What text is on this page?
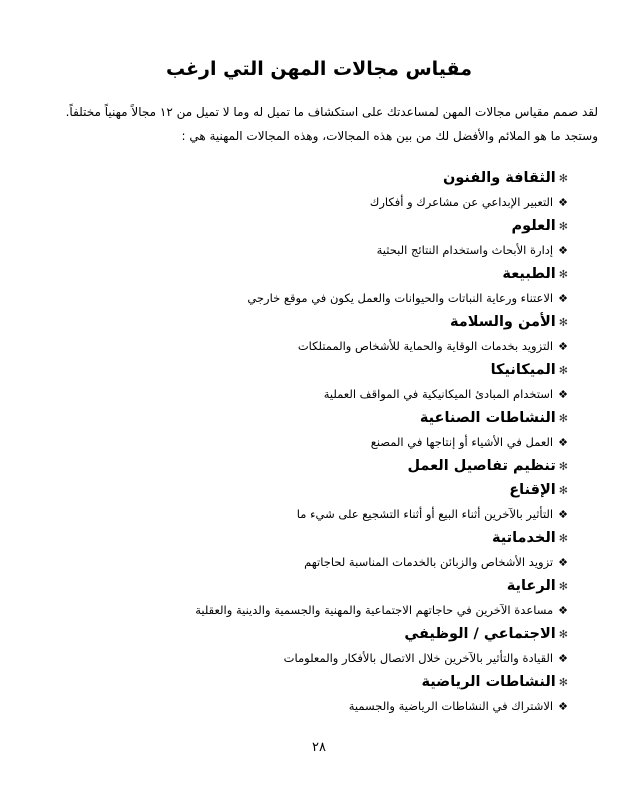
مقياس مجالات المهن التي ارغب
لقد صمم مقياس مجالات المهن لمساعدتك على استكشاف ما تميل له وما لا تميل من ١٢ مجالاً مهنياً مختلفاً.
وستجد ما هو الملائم والأفضل لك من بين هذه المجالات، وهذه المجالات المهنية هي :
✻
الثقافة والفنون
❖
التعبير الإبداعي عن مشاعرك و أفكارك
✻
العلوم
❖
إدارة الأبحاث واستخدام النتائج البحثية
✻
الطبيعة
❖
الاعتناء ورعاية النباتات والحيوانات والعمل يكون في موقع خارجي
✻
الأمن والسلامة
❖
التزويد بخدمات الوقاية والحماية للأشخاص والممتلكات
✻
الميكانيكا
❖
استخدام المبادئ الميكانيكية في المواقف العملية
✻
النشاطات الصناعية
❖
العمل في الأشياء أو إنتاجها في المصنع
✻
تنظيم تفاصيل العمل
✻
الإقناع
❖
التأثير بالآخرين أثناء البيع أو أثناء التشجيع على شيء ما
✻
الخدماتية
❖
تزويد الأشخاص والزبائن بالخدمات المناسبة لحاجاتهم
✻
الرعاية
❖
مساعدة الآخرين في حاجاتهم الاجتماعية والمهنية والجسمية والدينية والعقلية
✻
الاجتماعي / الوظيفي
❖
القيادة والتأثير بالآخرين خلال الاتصال بالأفكار والمعلومات
✻
النشاطات الرياضية
❖
الاشتراك في النشاطات الرياضية والجسمية
٢٨
